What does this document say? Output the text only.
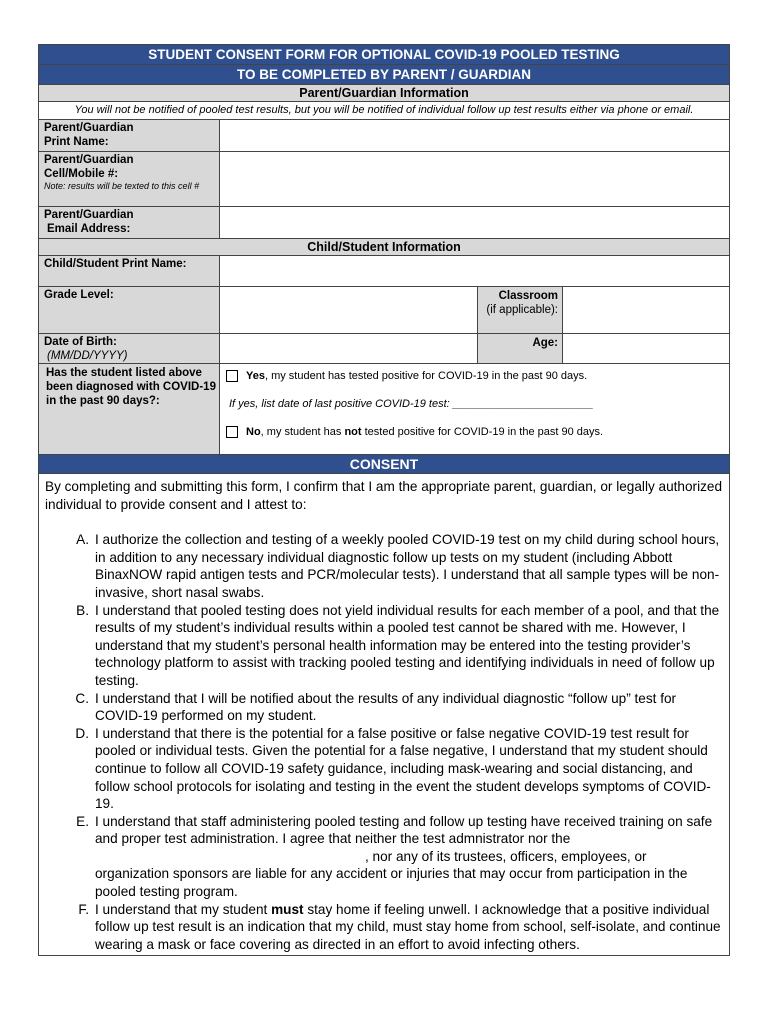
STUDENT CONSENT FORM FOR OPTIONAL COVID-19 POOLED TESTING
TO BE COMPLETED BY PARENT / GUARDIAN
Parent/Guardian Information
You will not be notified of pooled test results, but you will be notified of individual follow up test results either via phone or email.
Parent/Guardian
Print Name:
Parent/Guardian
Cell/Mobile #:
Note: results will be texted to this cell #
Parent/Guardian
Email Address:
Child/Student Information
Child/Student Print Name:
Grade Level:	Classroom
(if applicable):
Date of Birth:
(MM/DD/YYYY)
Age:
Has the student listed above been diagnosed with COVID-19 in the past 90 days?:
Yes , my student has tested positive for COVID-19 in the past 90 days.
If yes, list date of last positive COVID-19 test: _______________________
No , my student has not tested positive for COVID-19 in the past 90 days.
CONSENT

By completing and submitting this form, I confirm that I am the appropriate parent, guardian, or legally authorized individual to provide consent and I attest to:

A. I authorize the collection and testing of a weekly pooled COVID-19 test on my child during school hours, in addition to any necessary individual diagnostic follow up tests on my student (including Abbott BinaxNOW rapid antigen tests and PCR/molecular tests). I understand that all sample types will be non-invasive, short nasal swabs.
B. I understand that pooled testing does not yield individual results for each member of a pool, and that the results of my student’s individual results within a pooled test cannot be shared with me. However, I understand that my student’s personal health information may be entered into the testing provider’s technology platform to assist with tracking pooled testing and identifying individuals in need of follow up testing.
C. I understand that I will be notified about the results of any individual diagnostic “follow up” test for COVID-19 performed on my student.
D. I understand that there is the potential for a false positive or false negative COVID-19 test result for pooled or individual tests. Given the potential for a false negative, I understand that my student should continue to follow all COVID-19 safety guidance, including mask-wearing and social distancing, and follow school protocols for isolating and testing in the event the student develops symptoms of COVID-19.
E. I understand that staff administering pooled testing and follow up testing have received training on safe and proper test administration. I agree that neither the test admnistrator nor the, nor any of its trustees, officers, employees, or organization sponsors are liable for any accident or injuries that may occur from participation in the pooled testing program.
F. I understand that my student must stay home if feeling unwell. I acknowledge that a positive individual follow up test result is an indication that my child, must stay home from school, self-isolate, and continue wearing a mask or face covering as directed in an effort to avoid infecting others.
